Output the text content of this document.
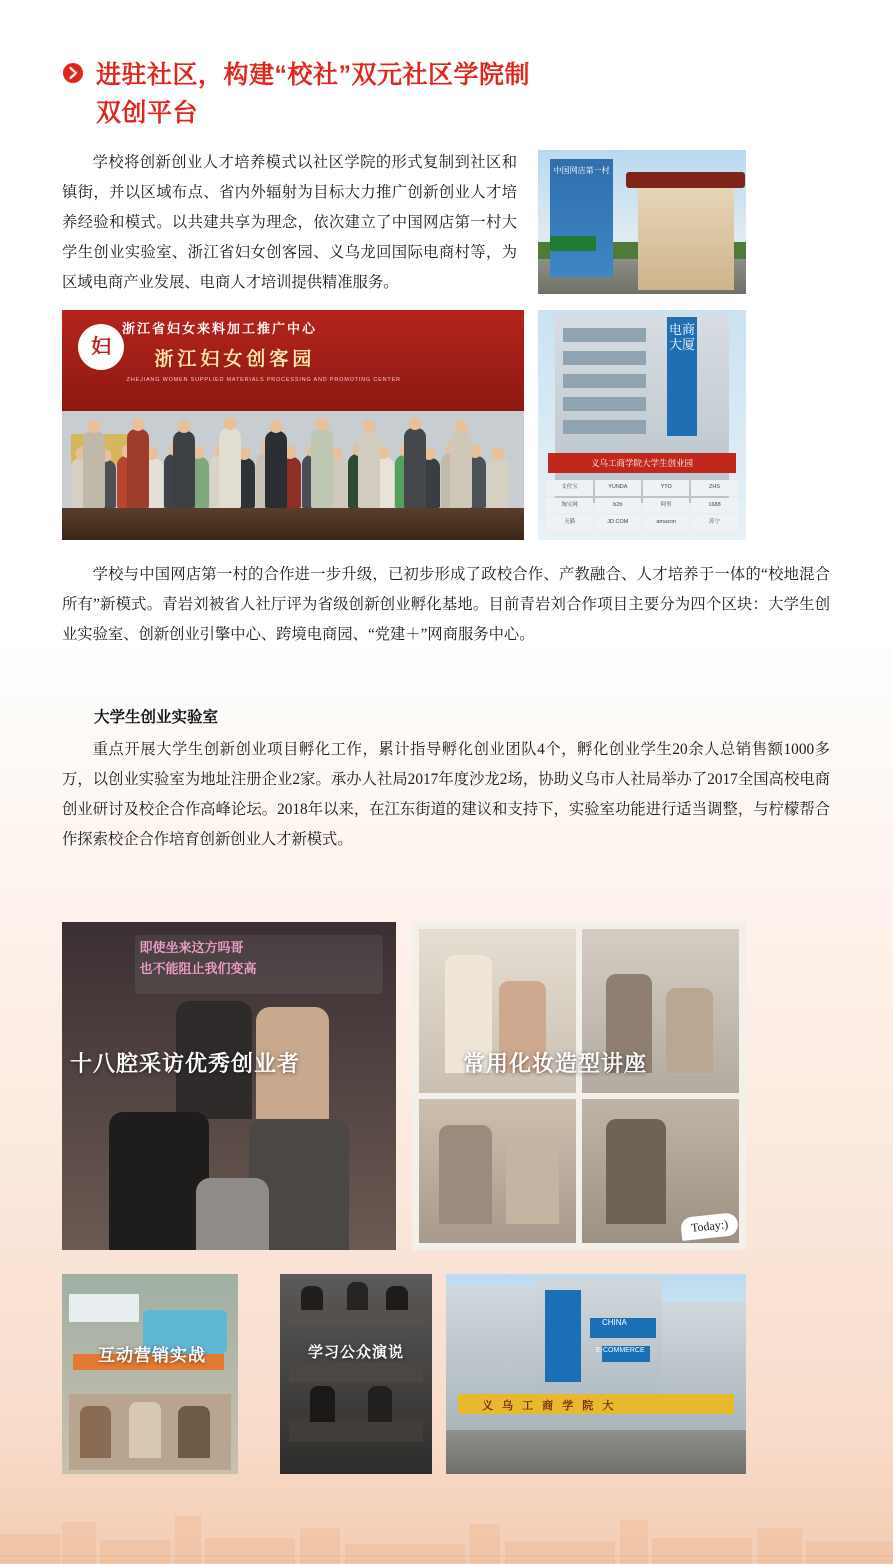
进驻社区，构建“校社”双元社区学院制
双创平台
学校将创新创业人才培养模式以社区学院的形式复制到社区和镇街，并以区域布点、省内外辐射为目标大力推广创新创业人才培养经验和模式。以共建共享为理念，依次建立了中国网店第一村大学生创业实验室、浙江省妇女创客园、义乌龙回国际电商村等，为区域电商产业发展、电商人才培训提供精准服务。
中国网店第一村
浙江省妇女来料加工推广中心
浙江妇女创客园
ZHEJIANG WOMEN SUPPLIED MATERIALS PROCESSING AND PROMOTING CENTER
妇
电商大厦
义乌工商学院大学生创业园
支付宝	YUNDA	YTO	ZHS
淘宝网	b2b	阿里	1688
天猫	JD.COM	amazon	苏宁
学校与中国网店第一村的合作进一步升级，已初步形成了政校合作、产教融合、人才培养于一体的“校地混合所有”新模式。青岩刘被省人社厅评为省级创新创业孵化基地。目前青岩刘合作项目主要分为四个区块：大学生创业实验室、创新创业引擎中心、跨境电商园、“党建＋”网商服务中心。
大学生创业实验室
重点开展大学生创新创业项目孵化工作，累计指导孵化创业团队4个，孵化创业学生20余人总销售额1000多万，以创业实验室为地址注册企业2家。承办人社局2017年度沙龙2场，协助义乌市人社局举办了2017全国高校电商创业研讨及校企合作高峰论坛。2018年以来，在江东街道的建议和支持下，实验室功能进行适当调整，与柠檬帮合作探索校企合作培育创新创业人才新模式。

即使坐来这方吗哥

也不能阻止我们变高

十八腔采访优秀创业者
Today:)
常用化妆造型讲座
互动营销实战	学习公众演说
CHINA
E-COMMERCE
义 乌 工 商 学 院 大
